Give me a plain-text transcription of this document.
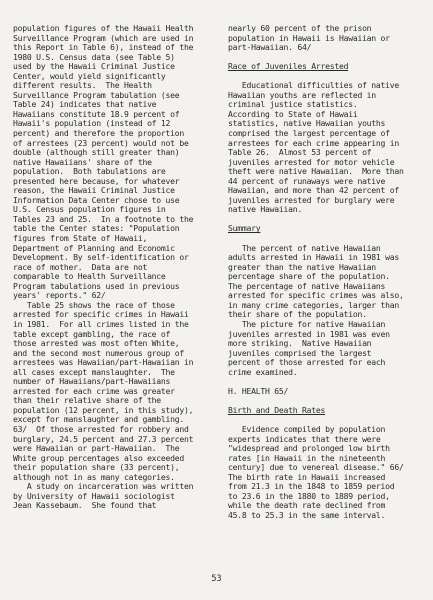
population figures of the Hawaii Health
Surveillance Program (which are used in
this Report in Table 6), instead of the
1980 U.S. Census data (see Table 5)
used by the Hawaii Criminal Justice
Center, would yield significantly
different results.  The Health
Surveillance Program tabulation (see
Table 24) indicates that native
Hawaiians constitute 18.9 percent of
Hawaii's population (instead of 12
percent) and therefore the proportion
of arrestees (23 percent) would not be
double (although still greater than)
native Hawaiians' share of the
population.  Both tabulations are
presented here because, for whatever
reason, the Hawaii Criminal Justice
Information Data Center chose to use
U.S. Census population figures in
Tables 23 and 25.  In a footnote to the
table the Center states: "Population
figures from State of Hawaii,
Department of Planning and Economic
Development. By self-identification or
race of mother.  Data are not
comparable to Health Surveillance
Program tabulations used in previous
years' reports." 62/
Table 25 shows the race of those
arrested for specific crimes in Hawaii
in 1981.  For all crimes listed in the
table except gambling, the race of
those arrested was most often White,
and the second most numerous group of
arrestees was Hawaiian/part-Hawaiian in
all cases except manslaughter.  The
number of Hawaiians/part-Hawaiians
arrested for each crime was greater
than their relative share of the
population (12 percent, in this study),
except for manslaughter and gambling.
63/  Of those arrested for robbery and
burglary, 24.5 percent and 27.3 percent
were Hawaiian or part-Hawaiian.  The
White group percentages also exceeded
their population share (33 percent),
although not in as many categories.
A study on incarceration was written
by University of Hawaii sociologist
Jean Kassebaum.  She found that
nearly 60 percent of the prison
population in Hawaii is Hawaiian or
part-Hawaiian. 64/

Race of Juveniles Arrested

Educational difficulties of native
Hawaiian youths are reflected in
criminal justice statistics.
According to State of Hawaii
statistics, native Hawaiian youths
comprised the largest percentage of
arrestees for each crime appearing in
Table 26.  Almost 53 percent of
juveniles arrested for motor vehicle
theft were native Hawaiian.  More than
44 percent of runaways were native
Hawaiian, and more than 42 percent of
juveniles arrested for burglary were
native Hawaiian.

Summary

The percent of native Hawaiian
adults arrested in Hawaii in 1981 was
greater than the native Hawaiian
percentage share of the population.
The percentage of native Hawaiians
arrested for specific crimes was also,
in many crime categories, larger than
their share of the population.
The picture for native Hawaiian
juveniles arrested in 1981 was even
more striking.  Native Hawaiian
juveniles comprised the largest
percent of those arrested for each
crime examined.

H. HEALTH 65/

Birth and Death Rates

Evidence compiled by population
experts indicates that there were
"widespread and prolonged low birth
rates [in Hawaii in the nineteenth
century] due to venereal disease." 66/
The birth rate in Hawaii increased
from 21.3 in the 1848 to 1859 period
to 23.6 in the 1880 to 1889 period,
while the death rate declined from
45.8 to 25.3 in the same interval.
53
